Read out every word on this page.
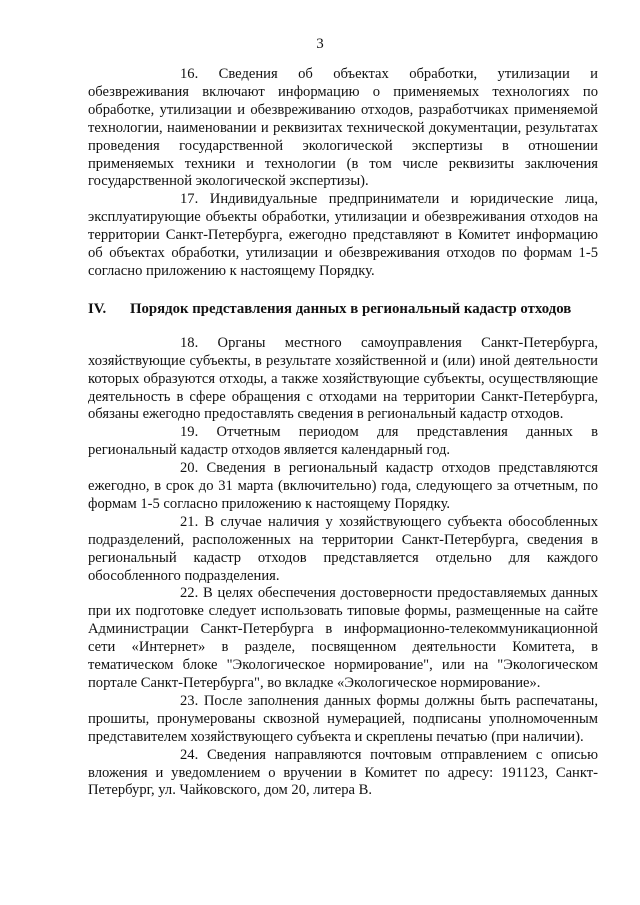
3

16. Сведения об объектах обработки, утилизации и обезвреживания включают информацию о применяемых технологиях по обработке, утилизации и обезвреживанию отходов, разработчиках применяемой технологии, наименовании и реквизитах технической документации, результатах проведения государственной экологической экспертизы в отношении применяемых техники и технологии (в том числе реквизиты заключения государственной экологической экспертизы).

17. Индивидуальные предприниматели и юридические лица, эксплуатирующие объекты обработки, утилизации и обезвреживания отходов на территории Санкт-Петербурга, ежегодно представляют в Комитет информацию об объектах обработки, утилизации и обезвреживания отходов по формам 1-5 согласно приложению к настоящему Порядку.

IV. Порядок представления данных в региональный кадастр отходов

18. Органы местного самоуправления Санкт-Петербурга, хозяйствующие субъекты, в результате хозяйственной и (или) иной деятельности которых образуются отходы, а также хозяйствующие субъекты, осуществляющие деятельность в сфере обращения с отходами на территории Санкт-Петербурга, обязаны ежегодно предоставлять сведения в региональный кадастр отходов.

19. Отчетным периодом для представления данных в региональный кадастр отходов является календарный год.

20. Сведения в региональный кадастр отходов представляются ежегодно, в срок до 31 марта (включительно) года, следующего за отчетным, по формам 1-5 согласно приложению к настоящему Порядку.

21. В случае наличия у хозяйствующего субъекта обособленных подразделений, расположенных на территории Санкт-Петербурга, сведения в региональный кадастр отходов представляется отдельно для каждого обособленного подразделения.

22. В целях обеспечения достоверности предоставляемых данных при их подготовке следует использовать типовые формы, размещенные на сайте Администрации Санкт-Петербурга в информационно-телекоммуникационной сети «Интернет» в разделе, посвященном деятельности Комитета, в тематическом блоке "Экологическое нормирование", или на "Экологическом портале Санкт-Петербурга", во вкладке «Экологическое нормирование».

23. После заполнения данных формы должны быть распечатаны, прошиты, пронумерованы сквозной нумерацией, подписаны уполномоченным представителем хозяйствующего субъекта и скреплены печатью (при наличии).

24. Сведения направляются почтовым отправлением с описью вложения и уведомлением о вручении в Комитет по адресу: 191123, Санкт-Петербург, ул. Чайковского, дом 20, литера В.
